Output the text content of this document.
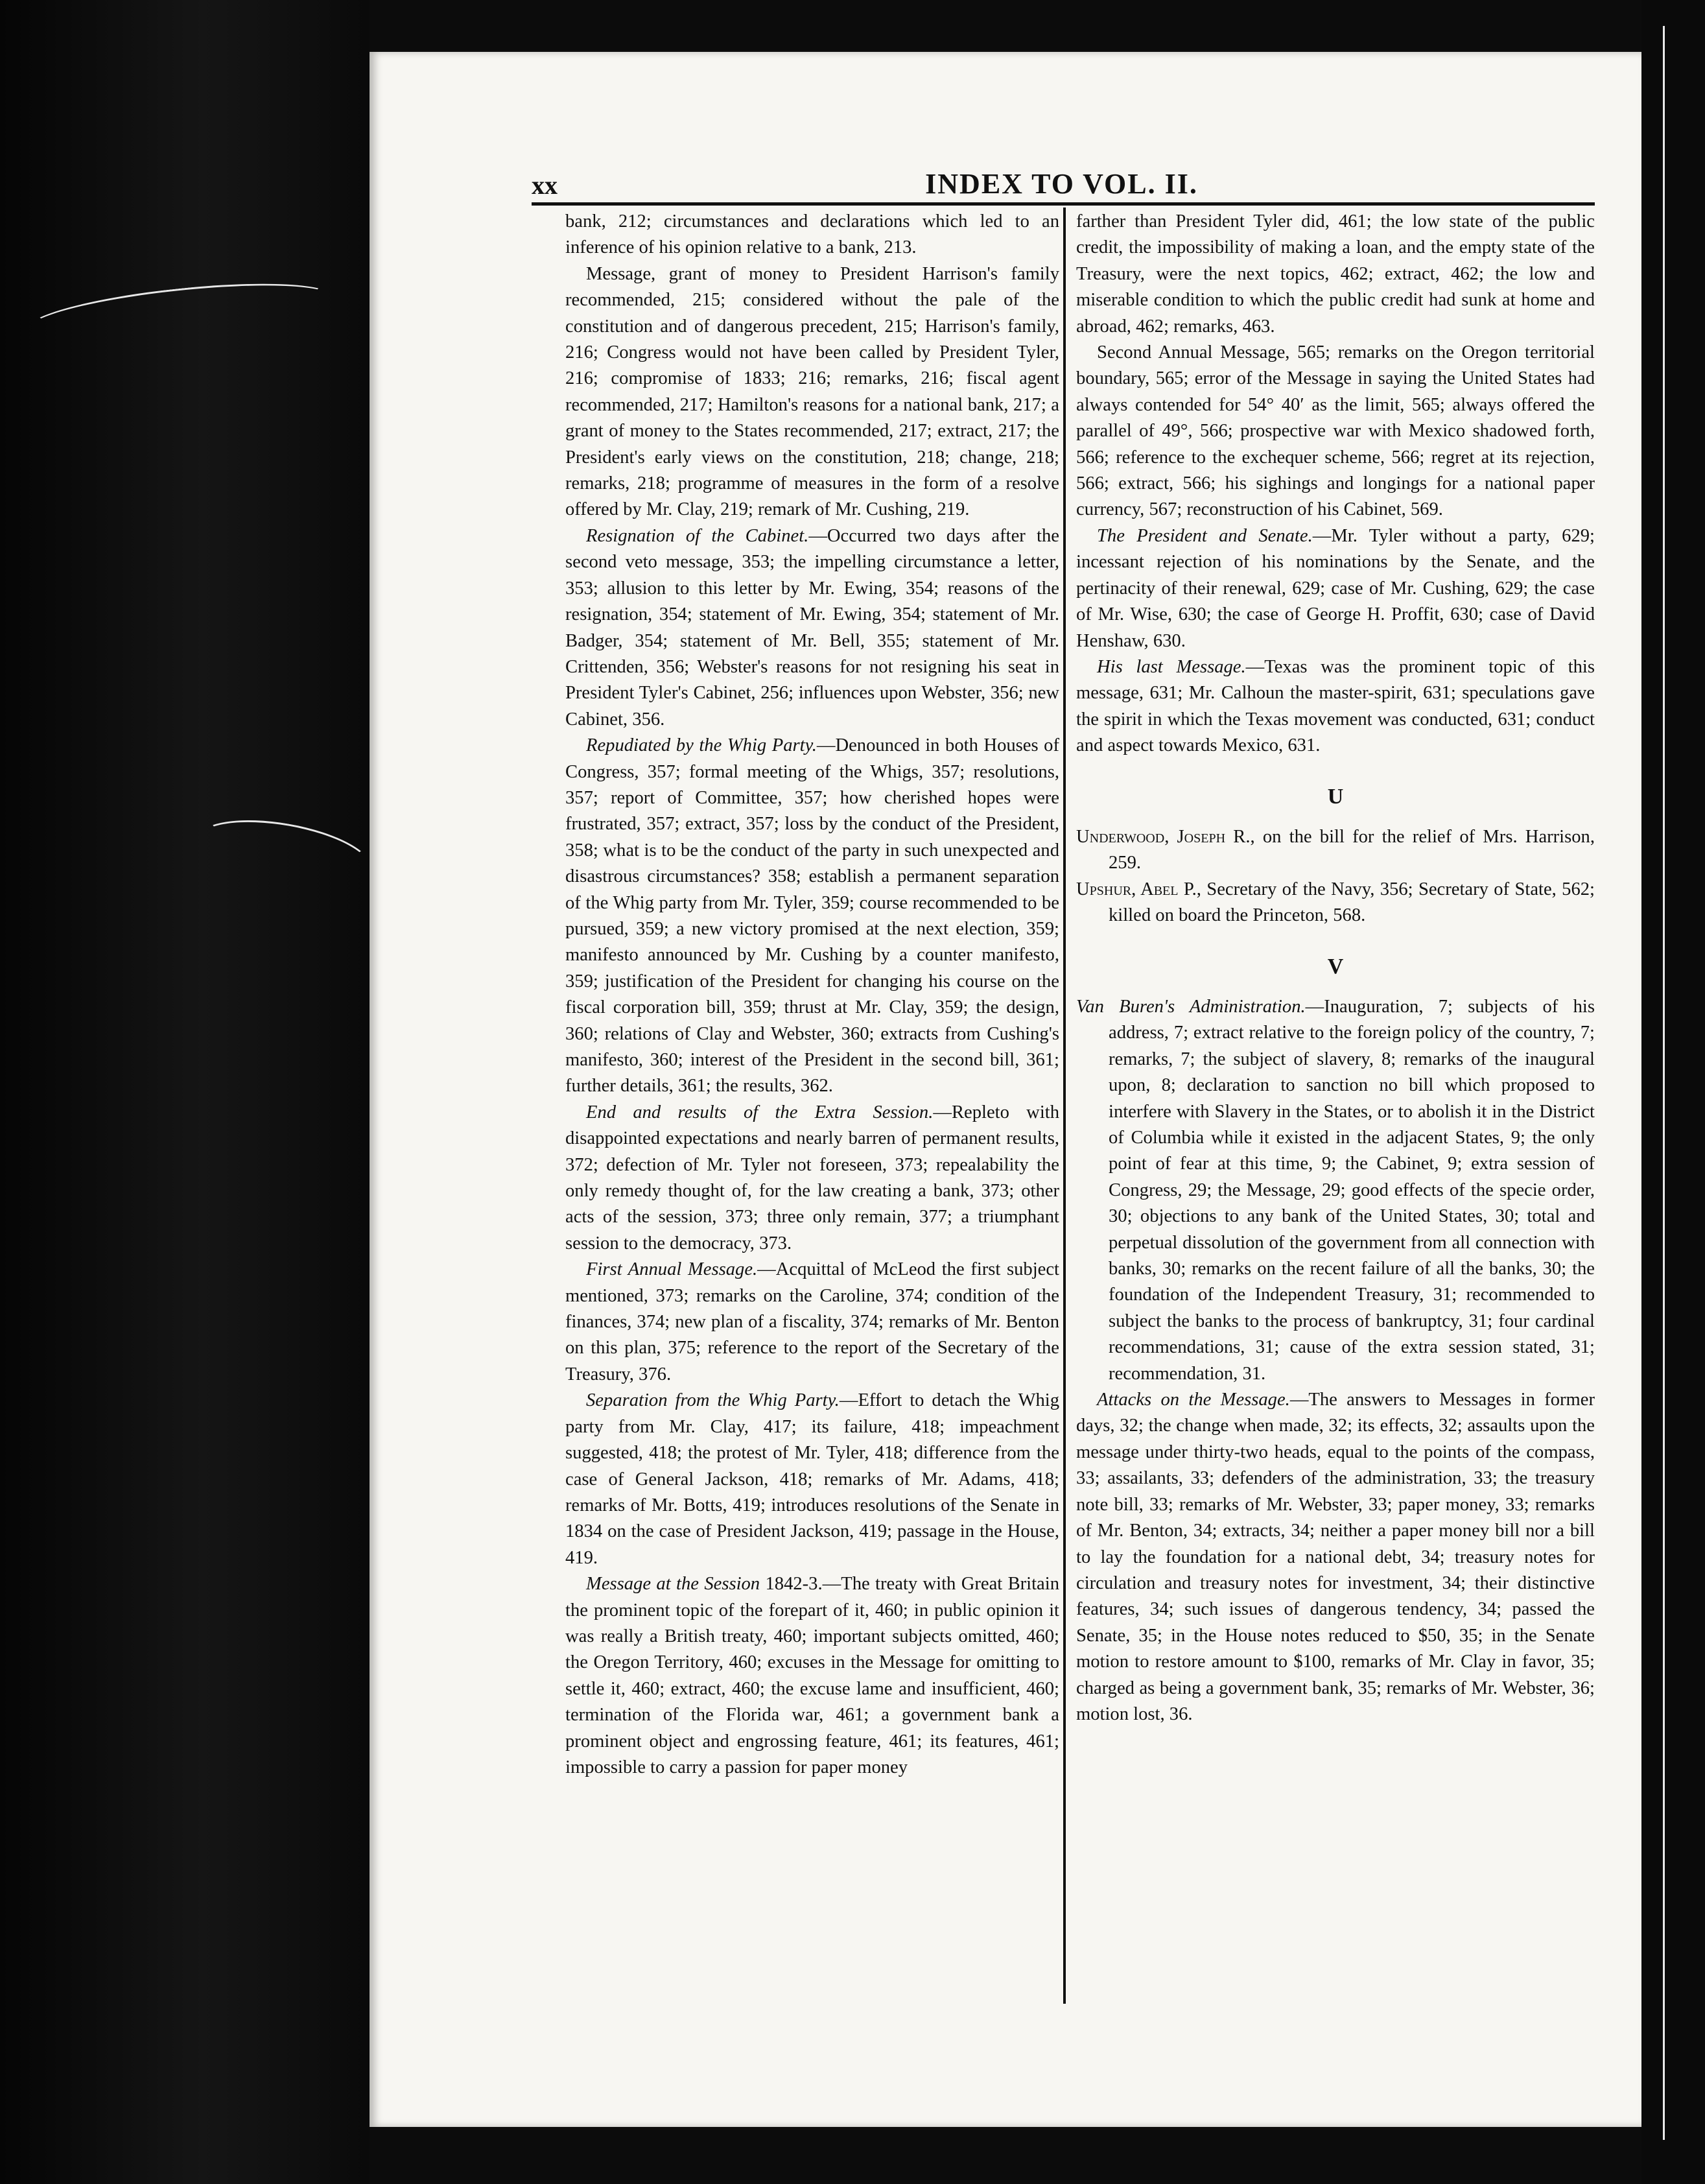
xx	INDEX TO VOL. II.

bank, 212; circumstances and declarations which led to an inference of his opinion relative to a bank, 213.

Message, grant of money to President Harrison's family recommended, 215; considered without the pale of the constitution and of dangerous precedent, 215; Harrison's family, 216; Congress would not have been called by President Tyler, 216; compromise of 1833; 216; remarks, 216; fiscal agent recommended, 217; Hamilton's reasons for a national bank, 217; a grant of money to the States recommended, 217; extract, 217; the President's early views on the constitution, 218; change, 218; remarks, 218; programme of measures in the form of a resolve offered by Mr. Clay, 219; remark of Mr. Cushing, 219.

Resignation of the Cabinet.—Occurred two days after the second veto message, 353; the impelling circumstance a letter, 353; allusion to this letter by Mr. Ewing, 354; reasons of the resignation, 354; statement of Mr. Ewing, 354; statement of Mr. Badger, 354; statement of Mr. Bell, 355; statement of Mr. Crittenden, 356; Webster's reasons for not resigning his seat in President Tyler's Cabinet, 256; influences upon Webster, 356; new Cabinet, 356.

Repudiated by the Whig Party.—Denounced in both Houses of Congress, 357; formal meeting of the Whigs, 357; resolutions, 357; report of Committee, 357; how cherished hopes were frustrated, 357; extract, 357; loss by the conduct of the President, 358; what is to be the conduct of the party in such unexpected and disastrous circumstances? 358; establish a permanent separation of the Whig party from Mr. Tyler, 359; course recommended to be pursued, 359; a new victory promised at the next election, 359; manifesto announced by Mr. Cushing by a counter manifesto, 359; justification of the President for changing his course on the fiscal corporation bill, 359; thrust at Mr. Clay, 359; the design, 360; relations of Clay and Webster, 360; extracts from Cushing's manifesto, 360; interest of the President in the second bill, 361; further details, 361; the results, 362.

End and results of the Extra Session.—Repleto with disappointed expectations and nearly barren of permanent results, 372; defection of Mr. Tyler not foreseen, 373; repealability the only remedy thought of, for the law creating a bank, 373; other acts of the session, 373; three only remain, 377; a triumphant session to the democracy, 373.

First Annual Message.—Acquittal of McLeod the first subject mentioned, 373; remarks on the Caroline, 374; condition of the finances, 374; new plan of a fiscality, 374; remarks of Mr. Benton on this plan, 375; reference to the report of the Secretary of the Treasury, 376.

Separation from the Whig Party.—Effort to detach the Whig party from Mr. Clay, 417; its failure, 418; impeachment suggested, 418; the protest of Mr. Tyler, 418; difference from the case of General Jackson, 418; remarks of Mr. Adams, 418; remarks of Mr. Botts, 419; introduces resolutions of the Senate in 1834 on the case of President Jackson, 419; passage in the House, 419.

Message at the Session 1842-3.—The treaty with Great Britain the prominent topic of the forepart of it, 460; in public opinion it was really a British treaty, 460; important subjects omitted, 460; the Oregon Territory, 460; excuses in the Message for omitting to settle it, 460; extract, 460; the excuse lame and insufficient, 460; termination of the Florida war, 461; a government bank a prominent object and engrossing feature, 461; its features, 461; impossible to carry a passion for paper money

farther than President Tyler did, 461; the low state of the public credit, the impossibility of making a loan, and the empty state of the Treasury, were the next topics, 462; extract, 462; the low and miserable condition to which the public credit had sunk at home and abroad, 462; remarks, 463.

Second Annual Message, 565; remarks on the Oregon territorial boundary, 565; error of the Message in saying the United States had always contended for 54° 40′ as the limit, 565; always offered the parallel of 49°, 566; prospective war with Mexico shadowed forth, 566; reference to the exchequer scheme, 566; regret at its rejection, 566; extract, 566; his sighings and longings for a national paper currency, 567; reconstruction of his Cabinet, 569.

The President and Senate.—Mr. Tyler without a party, 629; incessant rejection of his nominations by the Senate, and the pertinacity of their renewal, 629; case of Mr. Cushing, 629; the case of Mr. Wise, 630; the case of George H. Proffit, 630; case of David Henshaw, 630.

His last Message.—Texas was the prominent topic of this message, 631; Mr. Calhoun the master-spirit, 631; speculations gave the spirit in which the Texas movement was conducted, 631; conduct and aspect towards Mexico, 631.

U

Underwood, Joseph R., on the bill for the relief of Mrs. Harrison, 259.

Upshur, Abel P., Secretary of the Navy, 356; Secretary of State, 562; killed on board the Princeton, 568.

V

Van Buren's Administration.—Inauguration, 7; subjects of his address, 7; extract relative to the foreign policy of the country, 7; remarks, 7; the subject of slavery, 8; remarks of the inaugural upon, 8; declaration to sanction no bill which proposed to interfere with Slavery in the States, or to abolish it in the District of Columbia while it existed in the adjacent States, 9; the only point of fear at this time, 9; the Cabinet, 9; extra session of Congress, 29; the Message, 29; good effects of the specie order, 30; objections to any bank of the United States, 30; total and perpetual dissolution of the government from all connection with banks, 30; remarks on the recent failure of all the banks, 30; the foundation of the Independent Treasury, 31; recommended to subject the banks to the process of bankruptcy, 31; four cardinal recommendations, 31; cause of the extra session stated, 31; recommendation, 31.

Attacks on the Message.—The answers to Messages in former days, 32; the change when made, 32; its effects, 32; assaults upon the message under thirty-two heads, equal to the points of the compass, 33; assailants, 33; defenders of the administration, 33; the treasury note bill, 33; remarks of Mr. Webster, 33; paper money, 33; remarks of Mr. Benton, 34; extracts, 34; neither a paper money bill nor a bill to lay the foundation for a national debt, 34; treasury notes for circulation and treasury notes for investment, 34; their distinctive features, 34; such issues of dangerous tendency, 34; passed the Senate, 35; in the House notes reduced to $50, 35; in the Senate motion to restore amount to $100, remarks of Mr. Clay in favor, 35; charged as being a government bank, 35; remarks of Mr. Webster, 36; motion lost, 36.
